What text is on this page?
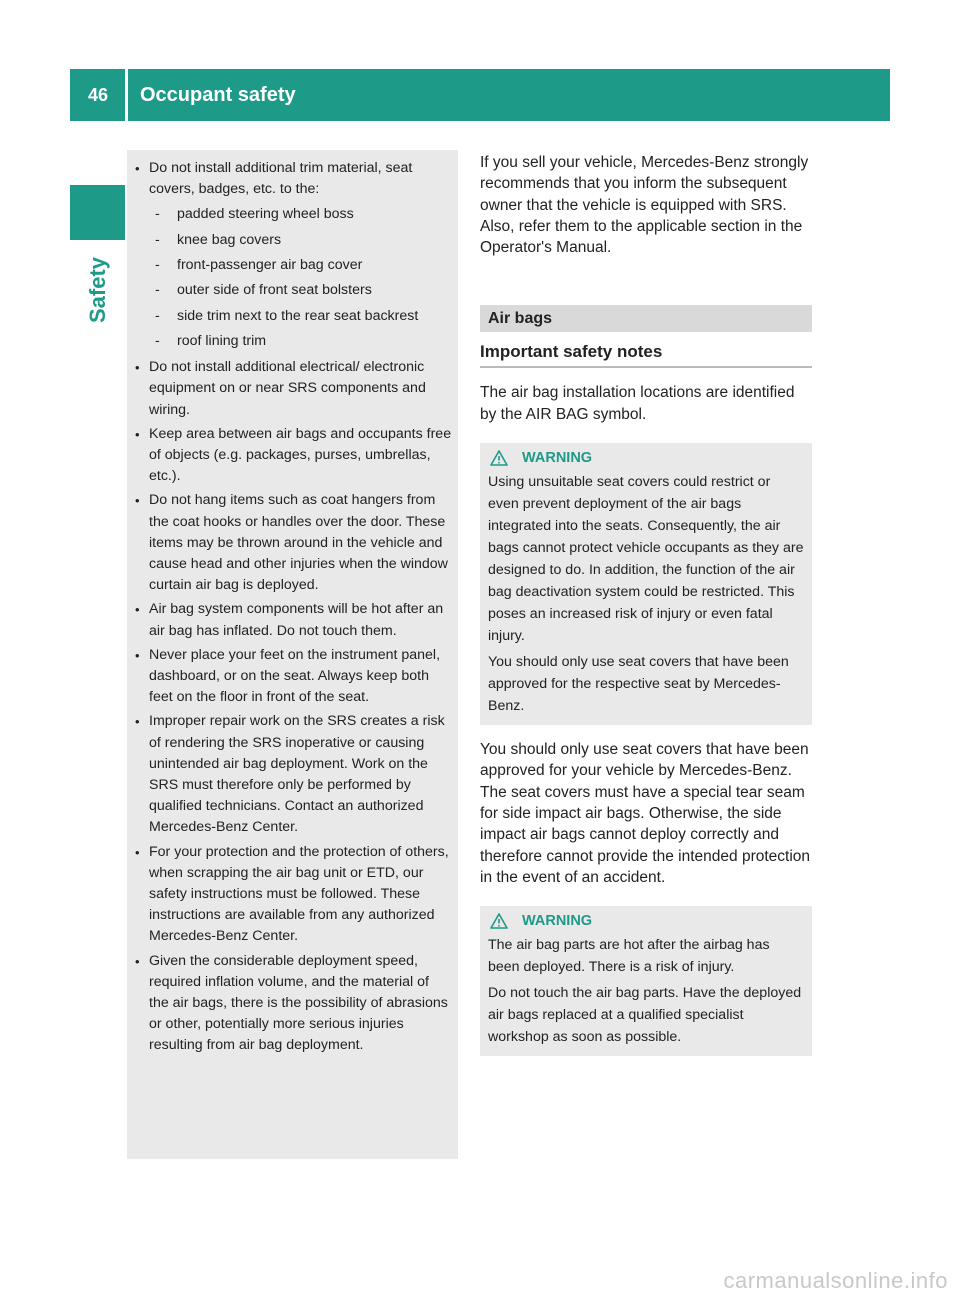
46	Occupant safety
Safety
• Do not install additional trim material, seat covers, badges, etc. to the:
- padded steering wheel boss
- knee bag covers
- front-passenger air bag cover
- outer side of front seat bolsters
- side trim next to the rear seat backrest
- roof lining trim
• Do not install additional electrical/ electronic equipment on or near SRS components and wiring.
• Keep area between air bags and occupants free of objects (e.g. packages, purses, umbrellas, etc.).
• Do not hang items such as coat hangers from the coat hooks or handles over the door. These items may be thrown around in the vehicle and cause head and other injuries when the window curtain air bag is deployed.
• Air bag system components will be hot after an air bag has inflated. Do not touch them.
• Never place your feet on the instrument panel, dashboard, or on the seat. Always keep both feet on the floor in front of the seat.
• Improper repair work on the SRS creates a risk of rendering the SRS inoperative or causing unintended air bag deployment. Work on the SRS must therefore only be performed by qualified technicians. Contact an authorized Mercedes-Benz Center.
• For your protection and the protection of others, when scrapping the air bag unit or ETD, our safety instructions must be followed. These instructions are available from any authorized Mercedes-Benz Center.
• Given the considerable deployment speed, required inflation volume, and the material of the air bags, there is the possibility of abrasions or other, potentially more serious injuries resulting from air bag deployment.

If you sell your vehicle, Mercedes-Benz strongly recommends that you inform the subsequent owner that the vehicle is equipped with SRS. Also, refer them to the applicable section in the Operator's Manual.

Air bags
Important safety notes

The air bag installation locations are identified by the AIR BAG symbol.

WARNING

Using unsuitable seat covers could restrict or even prevent deployment of the air bags integrated into the seats. Consequently, the air bags cannot protect vehicle occupants as they are designed to do. In addition, the function of the air bag deactivation system could be restricted. This poses an increased risk of injury or even fatal injury.

You should only use seat covers that have been approved for the respective seat by Mercedes-Benz.

You should only use seat covers that have been approved for your vehicle by Mercedes-Benz. The seat covers must have a special tear seam for side impact air bags. Otherwise, the side impact air bags cannot deploy correctly and therefore cannot provide the intended protection in the event of an accident.

WARNING

The air bag parts are hot after the airbag has been deployed. There is a risk of injury.

Do not touch the air bag parts. Have the deployed air bags replaced at a qualified specialist workshop as soon as possible.

carmanualsonline.info
